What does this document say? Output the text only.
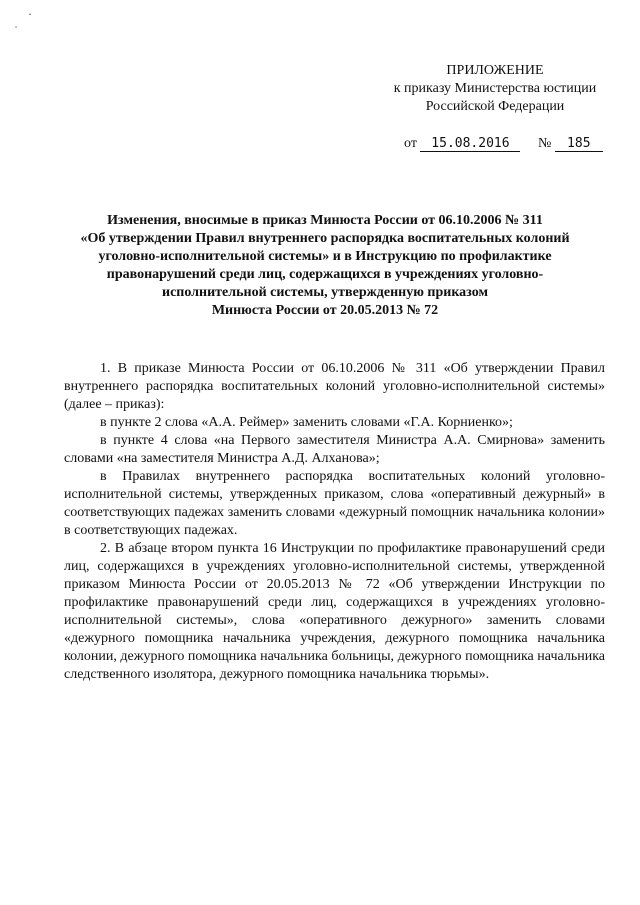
·
˙
ПРИЛОЖЕНИЕ
к приказу Министерства юстиции
Российской Федерации
от 15.08.2016 № 185
Изменения, вносимые в приказ Минюста России от 06.10.2006 № 311
«Об утверждении Правил внутреннего распорядка воспитательных колоний
уголовно-исполнительной системы» и в Инструкцию по профилактике
правонарушений среди лиц, содержащихся в учреждениях уголовно-
исполнительной системы, утвержденную приказом
Минюста России от 20.05.2013 № 72

1. В приказе Минюста России от 06.10.2006 № 311 «Об утверждении Правил внутреннего распорядка воспитательных колоний уголовно-исполнительной системы» (далее – приказ):

в пункте 2 слова «А.А. Реймер» заменить словами «Г.А. Корниенко»;

в пункте 4 слова «на Первого заместителя Министра А.А. Смирнова» заменить словами «на заместителя Министра А.Д. Алханова»;

в Правилах внутреннего распорядка воспитательных колоний уголовно-исполнительной системы, утвержденных приказом, слова «оперативный дежурный» в соответствующих падежах заменить словами «дежурный помощник начальника колонии» в соответствующих падежах.

2. В абзаце втором пункта 16 Инструкции по профилактике правонарушений среди лиц, содержащихся в учреждениях уголовно-исполнительной системы, утвержденной приказом Минюста России от 20.05.2013 № 72 «Об утверждении Инструкции по профилактике правонарушений среди лиц, содержащихся в учреждениях уголовно-исполнительной системы», слова «оперативного дежурного» заменить словами «дежурного помощника начальника учреждения, дежурного помощника начальника колонии, дежурного помощника начальника больницы, дежурного помощника начальника следственного изолятора, дежурного помощника начальника тюрьмы».
